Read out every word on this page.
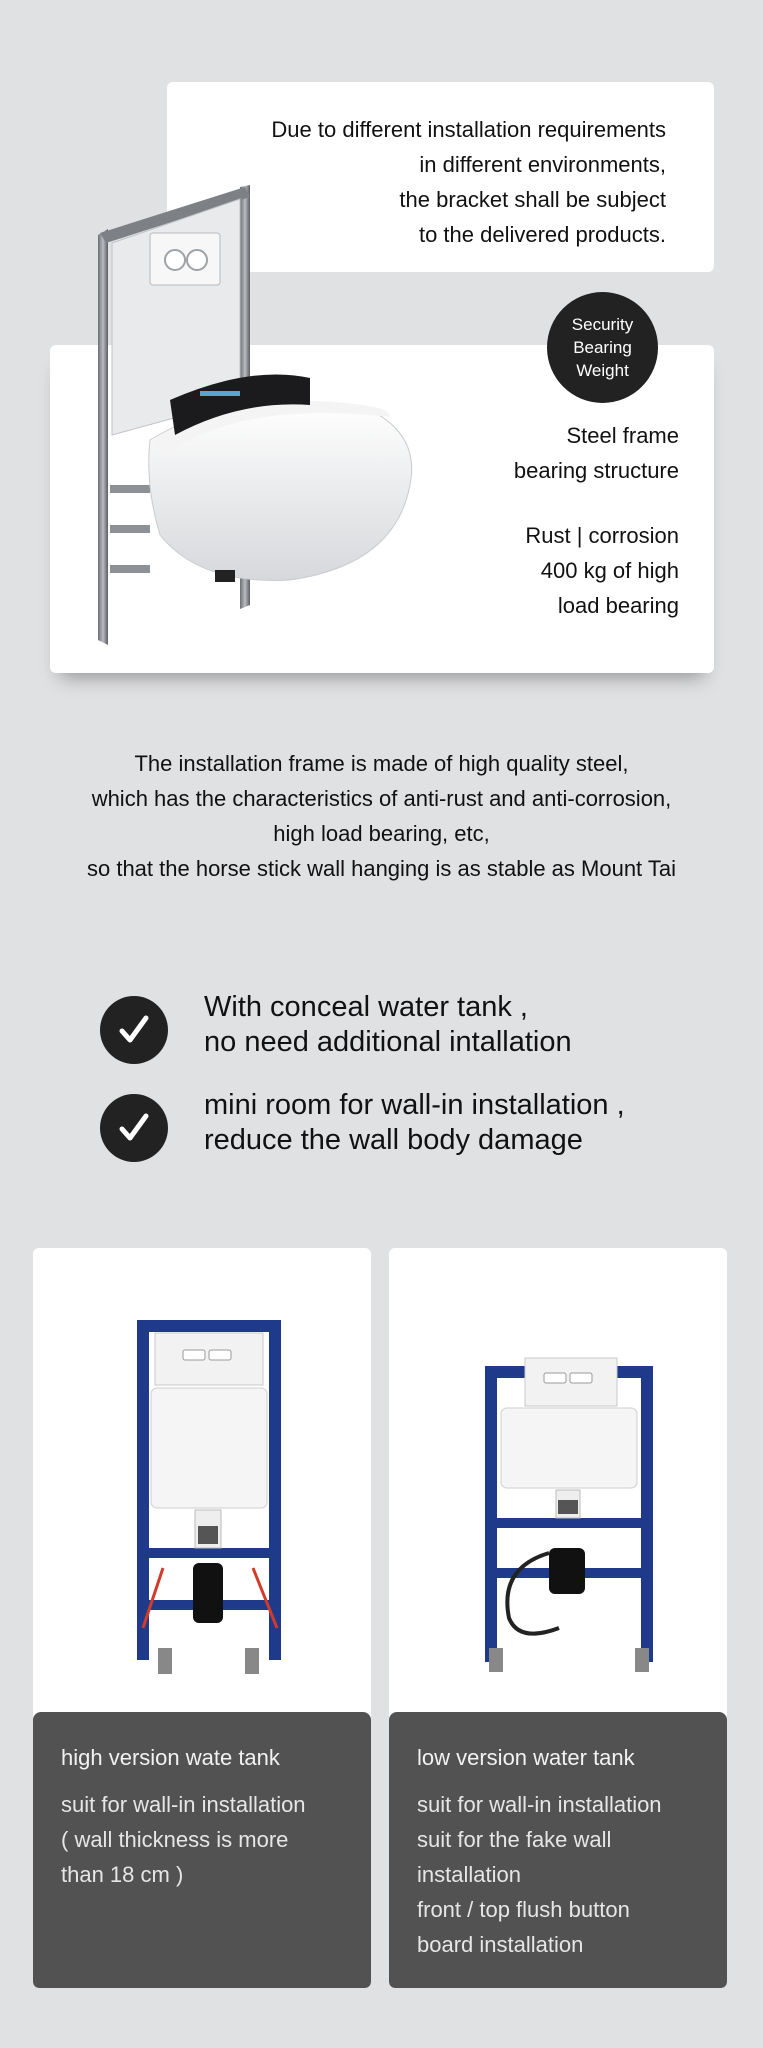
Due to different installation requirements
in different environments,
the bracket shall be subject
to the delivered products.
Security
Bearing
Weight
Steel frame
bearing structure
Rust | corrosion
400 kg of high
load bearing
The installation frame is made of high quality steel,
which has the characteristics of anti-rust and anti-corrosion,
high load bearing, etc,
so that the horse stick wall hanging is as stable as Mount Tai
With conceal water tank ,
no need additional intallation
mini room for wall-in installation ,
reduce the wall body damage
high version wate tank
suit for wall-in installation
( wall thickness is more
than 18 cm )
low version water tank
suit for wall-in installation
suit for the fake wall
installation
front / top flush button
board installation
